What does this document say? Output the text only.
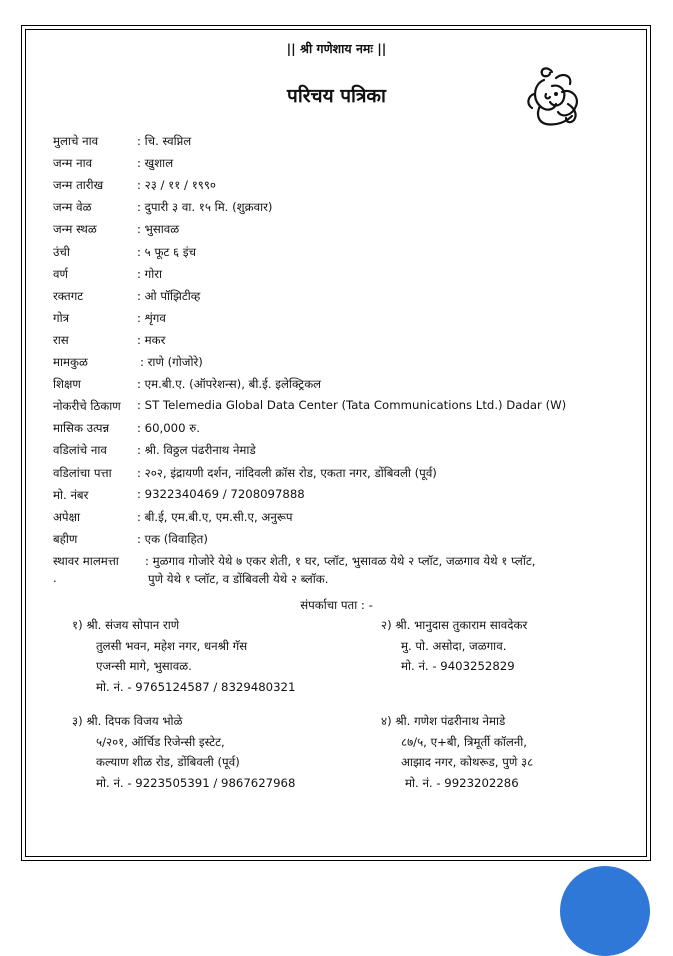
|| श्री गणेशाय नमः ||
परिचय पत्रिका
मुलाचे नाव	: चि. स्वप्निल
जन्म नाव	: खुशाल
जन्म तारीख	: २३ / ११ / १९९०
जन्म वेळ	: दुपारी ३ वा. १५ मि. (शुक्रवार)
जन्म स्थळ	: भुसावळ
उंची	: ५ फूट ६ इंच
वर्ण	: गोरा
रक्तगट	: ओ पॉझिटीव्ह
गोत्र	: शृंगव
रास	: मकर
मामकुळ	: राणे (गोजोरे)
शिक्षण	: एम.बी.ए. (ऑपरेशन्स), बी.ई. इलेक्ट्रिकल
नोकरीचे ठिकाण : ST Telemedia Global Data Center (Tata Communications Ltd.) Dadar (W)
मासिक उत्पन्न : 60,000 रु.
वडिलांचे नाव	: श्री. विठ्ठल पंढरीनाथ नेमाडे
वडिलांचा पत्ता : २०२, इंद्रायणी दर्शन, नांदिवली क्रॉस रोड, एकता नगर, डोंबिवली (पूर्व)
मो. नंबर	: 9322340469 / 7208097888
अपेक्षा	: बी.ई, एम.बी.ए, एम.सी.ए, अनुरूप
बहीण	: एक (विवाहित)
स्थावर मालमत्ता : मुळगाव गोजोरे येथे ७ एकर शेती, १ घर, प्लॉट, भुसावळ येथे २ प्लॉट, जळगाव येथे १ प्लॉट,
.	पुणे येथे १ प्लॉट, व डोंबिवली येथे २ ब्लॉक.
संपर्काचा पता : -
१) श्री. संजय सोपान राणे
तुलसी भवन, महेश नगर, धनश्री गॅस
एजन्सी मागे, भुसावळ.
मो. नं. - 9765124587 / 8329480321
२) श्री. भानुदास तुकाराम सावदेकर
मु. पो. असोदा, जळगाव.
मो. नं. - 9403252829
३) श्री. दिपक विजय भोळे
५/२०१, ऑर्चिड रिजेन्सी इस्टेट,
कल्याण शीळ रोड, डोंबिवली (पूर्व)
मो. नं. - 9223505391 / 9867627968
४) श्री. गणेश पंढरीनाथ नेमाडे
८७/५, ए+बी, त्रिमूर्ती कॉलनी,
आझाद नगर, कोथरूड, पुणे ३८
मो. नं. - 9923202286
